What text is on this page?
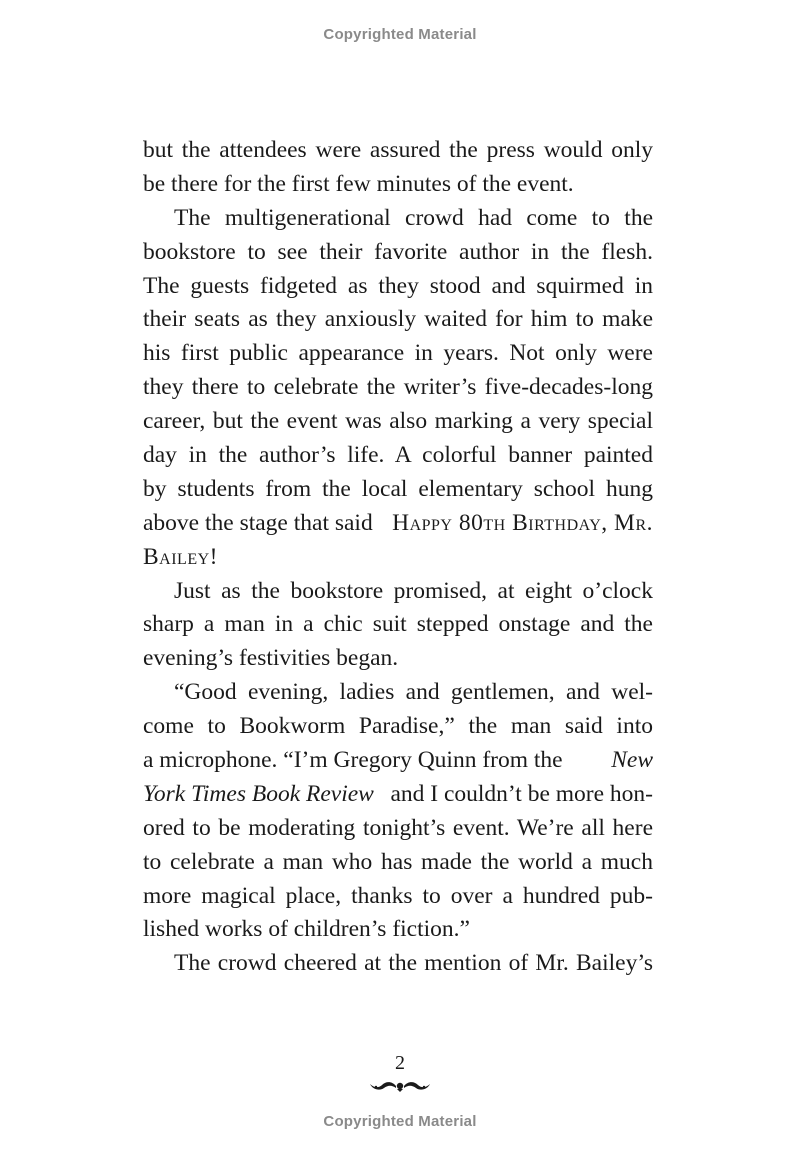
Copyrighted Material
but the attendees were assured the press would only
be there for the first few minutes of the event.
The multigenerational crowd had come to the
bookstore to see their favorite author in the flesh.
The guests fidgeted as they stood and squirmed in
their seats as they anxiously waited for him to make
his first public appearance in years. Not only were
they there to celebrate the writer’s five-decades-long
career, but the event was also marking a very special
day in the author’s life. A colorful banner painted
by students from the local elementary school hung
above the stage that said Happy 80th Birthday, Mr.
Bailey!
Just as the bookstore promised, at eight o’clock
sharp a man in a chic suit stepped onstage and the
evening’s festivities began.
“Good evening, ladies and gentlemen, and wel-
come to Bookworm Paradise,” the man said into
a microphone. “I’m Gregory Quinn from the New
York Times Book Review and I couldn’t be more hon-
ored to be moderating tonight’s event. We’re all here
to celebrate a man who has made the world a much
more magical place, thanks to over a hundred pub-
lished works of children’s fiction.”
The crowd cheered at the mention of Mr. Bailey’s
2
Copyrighted Material
